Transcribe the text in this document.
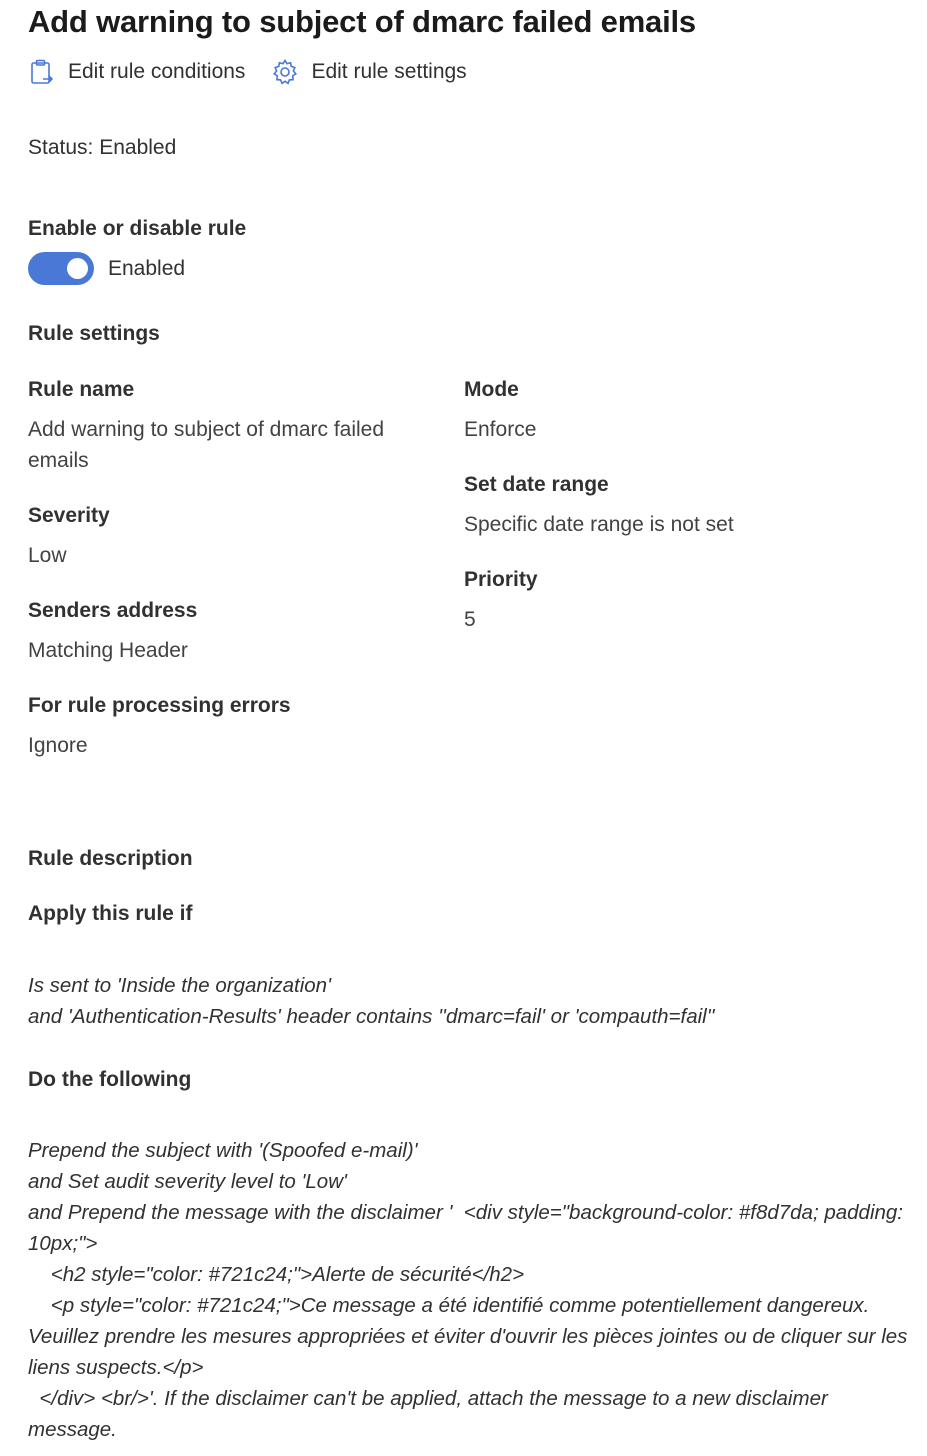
Add warning to subject of dmarc failed emails
Edit rule conditions	Edit rule settings
Status: Enabled
Enable or disable rule
Enabled
Rule settings
Rule name
Add warning to subject of dmarc failed emails
Severity
Low
Senders address
Matching Header
For rule processing errors
Ignore
Mode
Enforce
Set date range
Specific date range is not set
Priority
5
Rule description
Apply this rule if
Is sent to 'Inside the organization'
and 'Authentication-Results' header contains ''dmarc=fail' or 'compauth=fail''
Do the following
Prepend the subject with '(Spoofed e-mail)'
and Set audit severity level to 'Low'
and Prepend the message with the disclaimer '  <div style="background-color: #f8d7da; padding: 10px;">
<h2 style="color: #721c24;">Alerte de sécurité</h2>
<p style="color: #721c24;">Ce message a été identifié comme potentiellement dangereux. Veuillez prendre les mesures appropriées et éviter d'ouvrir les pièces jointes ou de cliquer sur les liens suspects.</p>
</div> <br/>'. If the disclaimer can't be applied, attach the message to a new disclaimer message.
